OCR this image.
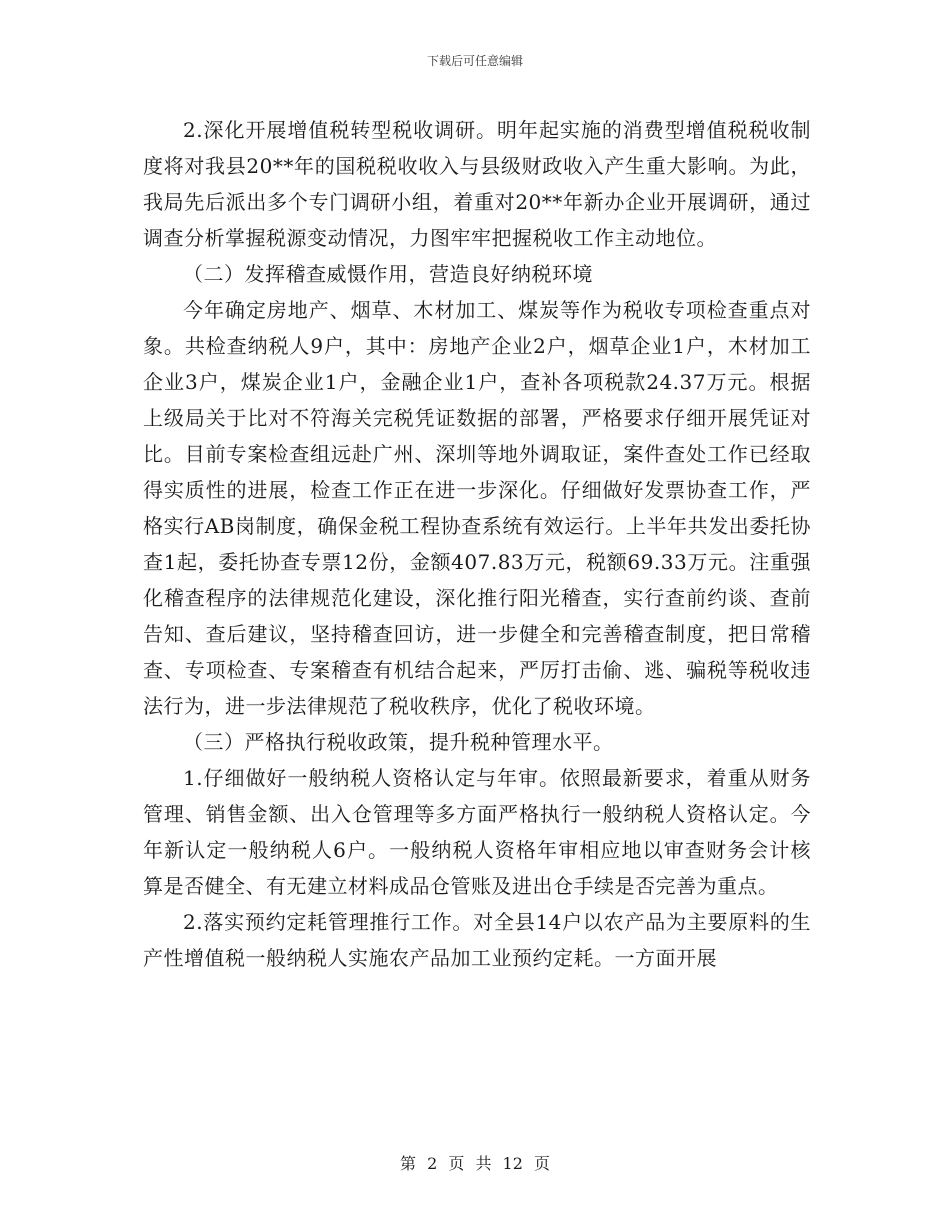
下载后可任意编辑

2.深化开展增值税转型税收调研。明年起实施的消费型增值税税收制度将对我县20**年的国税税收收入与县级财政收入产生重大影响。为此，我局先后派出多个专门调研小组，着重对20**年新办企业开展调研，通过调查分析掌握税源变动情况，力图牢牢把握税收工作主动地位。

（二）发挥稽查威慑作用，营造良好纳税环境

今年确定房地产、烟草、木材加工、煤炭等作为税收专项检查重点对象。共检查纳税人9户，其中：房地产企业2户，烟草企业1户，木材加工企业3户，煤炭企业1户，金融企业1户，查补各项税款24.37万元。根据上级局关于比对不符海关完税凭证数据的部署，严格要求仔细开展凭证对比。目前专案检查组远赴广州、深圳等地外调取证，案件查处工作已经取得实质性的进展，检查工作正在进一步深化。仔细做好发票协查工作，严格实行AB岗制度，确保金税工程协查系统有效运行。上半年共发出委托协查1起，委托协查专票12份，金额407.83万元，税额69.33万元。注重强化稽查程序的法律规范化建设，深化推行阳光稽查，实行查前约谈、查前告知、查后建议，坚持稽查回访，进一步健全和完善稽查制度，把日常稽查、专项检查、专案稽查有机结合起来，严厉打击偷、逃、骗税等税收违法行为，进一步法律规范了税收秩序，优化了税收环境。

（三）严格执行税收政策，提升税种管理水平。

1.仔细做好一般纳税人资格认定与年审。依照最新要求，着重从财务管理、销售金额、出入仓管理等多方面严格执行一般纳税人资格认定。今年新认定一般纳税人6户。一般纳税人资格年审相应地以审查财务会计核算是否健全、有无建立材料成品仓管账及进出仓手续是否完善为重点。

2.落实预约定耗管理推行工作。对全县14户以农产品为主要原料的生产性增值税一般纳税人实施农产品加工业预约定耗。一方面开展

第 2 页 共 12 页
